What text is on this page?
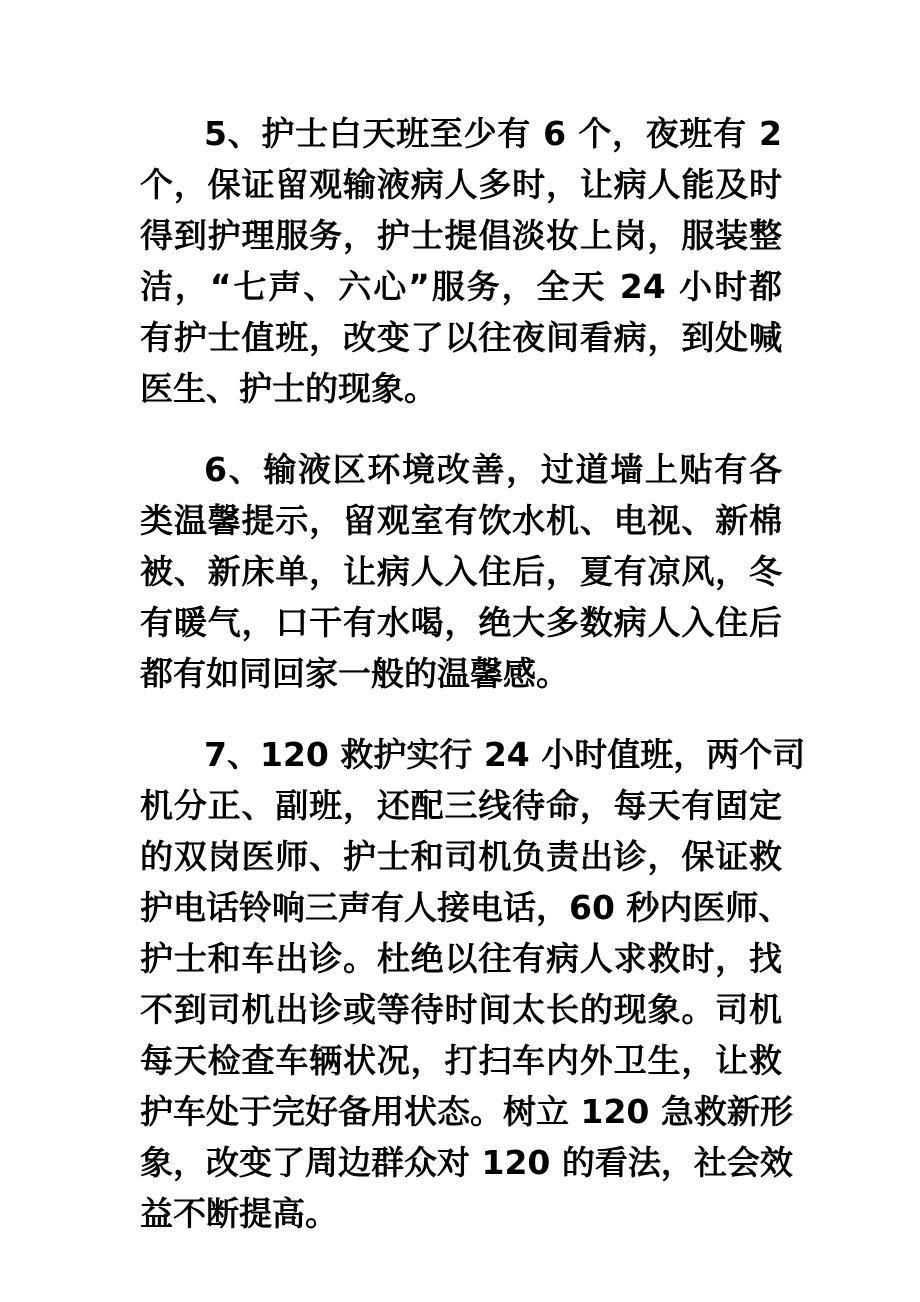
5、护士白天班至少有 6 个，夜班有 2
个，保证留观输液病人多时，让病人能及时
得到护理服务，护士提倡淡妆上岗，服装整
洁，“七声、六心”服务，全天 24 小时都
有护士值班，改变了以往夜间看病，到处喊
医生、护士的现象。
6、输液区环境改善，过道墙上贴有各
类温馨提示，留观室有饮水机、电视、新棉
被、新床单，让病人入住后，夏有凉风，冬
有暖气，口干有水喝，绝大多数病人入住后
都有如同回家一般的温馨感。
7、120 救护实行 24 小时值班，两个司
机分正、副班，还配三线待命，每天有固定
的双岗医师、护士和司机负责出诊，保证救
护电话铃响三声有人接电话，60 秒内医师、
护士和车出诊。杜绝以往有病人求救时，找
不到司机出诊或等待时间太长的现象。司机
每天检查车辆状况，打扫车内外卫生，让救
护车处于完好备用状态。树立 120 急救新形
象，改变了周边群众对 120 的看法，社会效
益不断提高。
